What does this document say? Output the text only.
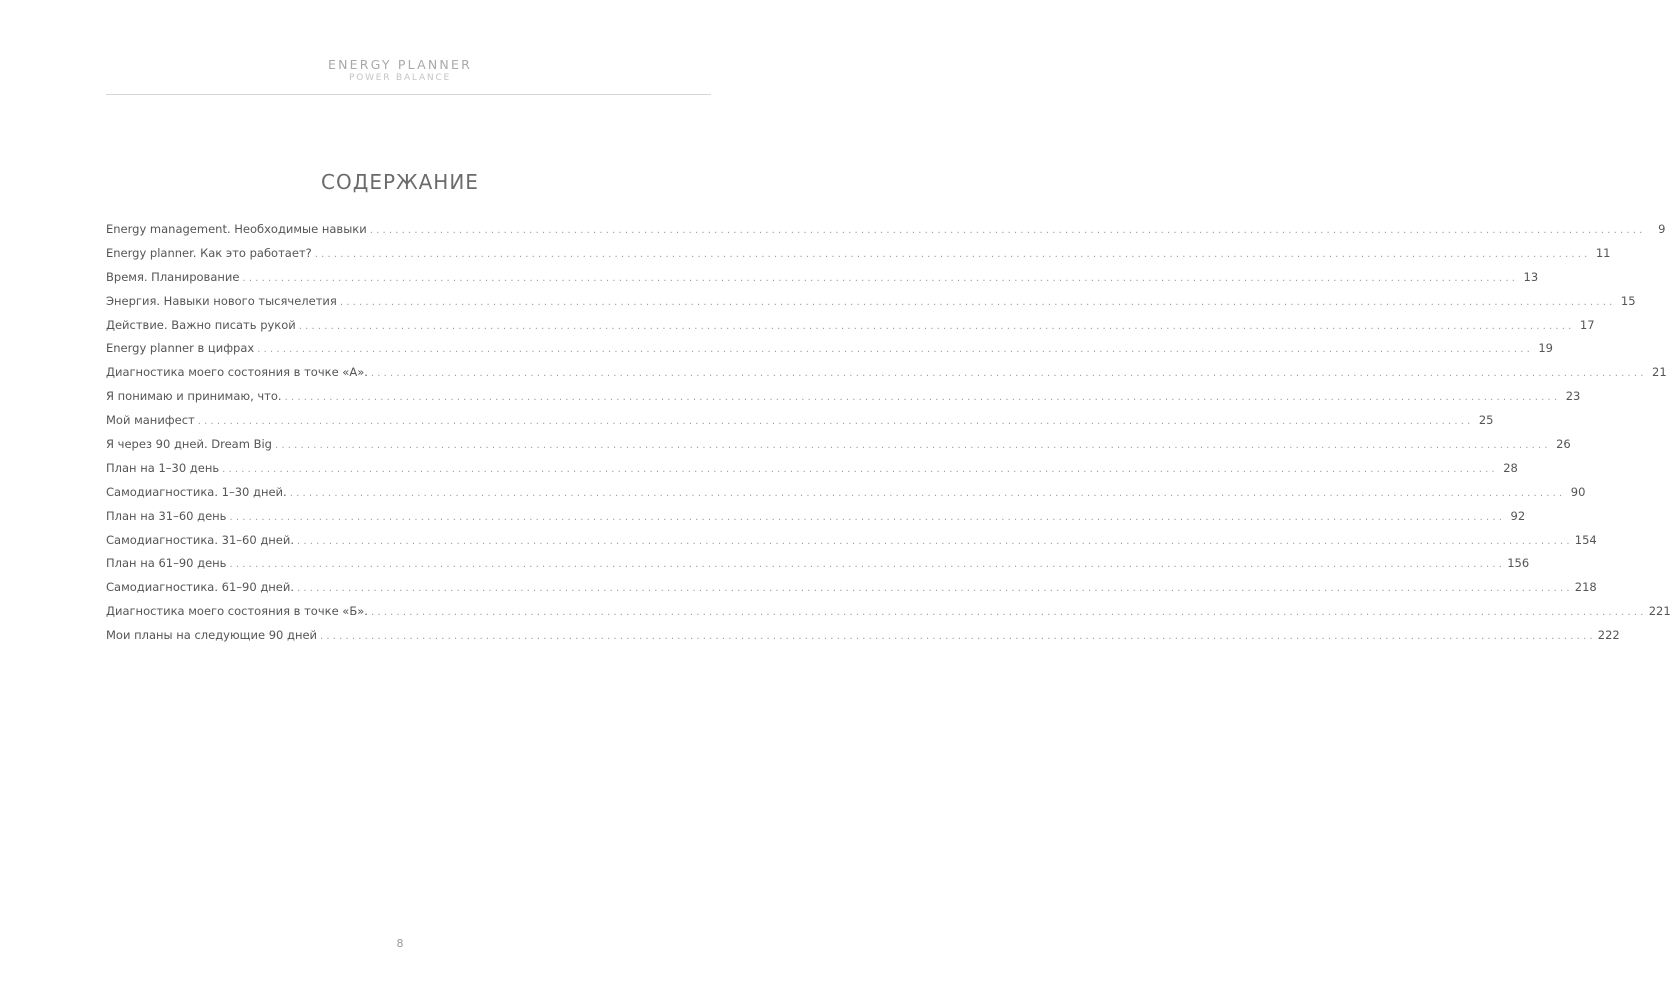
ENERGY PLANNER
POWER BALANCE
СОДЕРЖАНИЕ
Energy management. Необходимые навыки ........................................................................................................................................................................................................	9
Energy planner. Как это работает? ........................................................................................................................................................................................................ 11
Время. Планирование ........................................................................................................................................................................................................ 13
Энергия. Навыки нового тысячелетия ........................................................................................................................................................................................................ 15
Действие. Важно писать рукой ........................................................................................................................................................................................................ 17
Energy planner в цифрах ........................................................................................................................................................................................................ 19
Диагностика моего состояния в точке «А». ........................................................................................................................................................................................................ 21
Я понимаю и принимаю, что. ........................................................................................................................................................................................................ 23
Мой манифест ........................................................................................................................................................................................................ 25
Я через 90 дней. Dream Big ........................................................................................................................................................................................................ 26
План на 1–30 день ........................................................................................................................................................................................................ 28
Самодиагностика. 1–30 дней. ........................................................................................................................................................................................................ 90
План на 31–60 день ........................................................................................................................................................................................................ 92
Самодиагностика. 31–60 дней. ........................................................................................................................................................................................................ 154
План на 61–90 день ........................................................................................................................................................................................................ 156
Самодиагностика. 61–90 дней. ........................................................................................................................................................................................................ 218
Диагностика моего состояния в точке «Б». ........................................................................................................................................................................................................ 221
Мои планы на следующие 90 дней ........................................................................................................................................................................................................ 222
8
